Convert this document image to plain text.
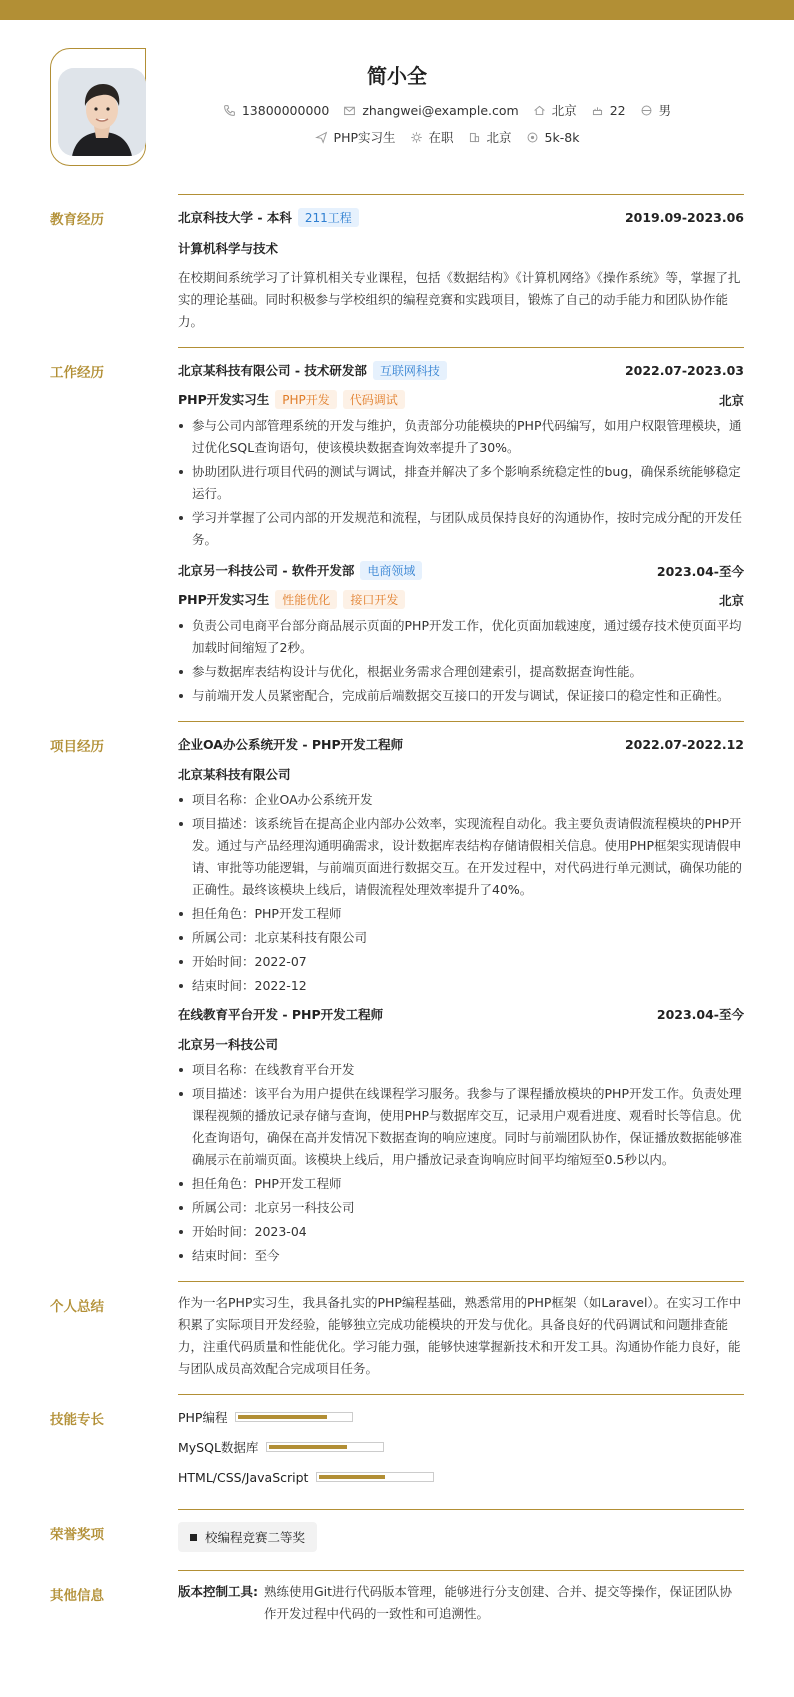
简小全
13800000000	zhangwei@example.com	北京	22	男
PHP实习生	在职	北京	5k-8k
教育经历	北京科技大学 - 本科 211工程	2019.09-2023.06
计算机科学与技术
在校期间系统学习了计算机相关专业课程，包括《数据结构》《计算机网络》《操作系统》等，掌握了扎实的理论基础。同时积极参与学校组织的编程竞赛和实践项目，锻炼了自己的动手能力和团队协作能力。
工作经历	北京某科技有限公司 - 技术研发部 互联网科技	2022.07-2023.03
PHP开发实习生 PHP开发 代码调试	北京
参与公司内部管理系统的开发与维护，负责部分功能模块的PHP代码编写，如用户权限管理模块，通过优化SQL查询语句，使该模块数据查询效率提升了30%。
协助团队进行项目代码的测试与调试，排查并解决了多个影响系统稳定性的bug，确保系统能够稳定运行。
学习并掌握了公司内部的开发规范和流程，与团队成员保持良好的沟通协作，按时完成分配的开发任务。
北京另一科技公司 - 软件开发部 电商领域	2023.04-至今
PHP开发实习生 性能优化 接口开发	北京
负责公司电商平台部分商品展示页面的PHP开发工作，优化页面加载速度，通过缓存技术使页面平均加载时间缩短了2秒。
参与数据库表结构设计与优化，根据业务需求合理创建索引，提高数据查询性能。
与前端开发人员紧密配合，完成前后端数据交互接口的开发与调试，保证接口的稳定性和正确性。
项目经历	企业OA办公系统开发 - PHP开发工程师	2022.07-2022.12
北京某科技有限公司
项目名称：企业OA办公系统开发
项目描述：该系统旨在提高企业内部办公效率，实现流程自动化。我主要负责请假流程模块的PHP开发。通过与产品经理沟通明确需求，设计数据库表结构存储请假相关信息。使用PHP框架实现请假申请、审批等功能逻辑，与前端页面进行数据交互。在开发过程中，对代码进行单元测试，确保功能的正确性。最终该模块上线后，请假流程处理效率提升了40%。
担任角色：PHP开发工程师
所属公司：北京某科技有限公司
开始时间：2022-07
结束时间：2022-12
在线教育平台开发 - PHP开发工程师	2023.04-至今
北京另一科技公司
项目名称：在线教育平台开发
项目描述：该平台为用户提供在线课程学习服务。我参与了课程播放模块的PHP开发工作。负责处理课程视频的播放记录存储与查询，使用PHP与数据库交互，记录用户观看进度、观看时长等信息。优化查询语句，确保在高并发情况下数据查询的响应速度。同时与前端团队协作，保证播放数据能够准确展示在前端页面。该模块上线后，用户播放记录查询响应时间平均缩短至0.5秒以内。
担任角色：PHP开发工程师
所属公司：北京另一科技公司
开始时间：2023-04
结束时间：至今
个人总结	作为一名PHP实习生，我具备扎实的PHP编程基础，熟悉常用的PHP框架（如Laravel）。在实习工作中积累了实际项目开发经验，能够独立完成功能模块的开发与优化。具备良好的代码调试和问题排查能力，注重代码质量和性能优化。学习能力强，能够快速掌握新技术和开发工具。沟通协作能力良好，能与团队成员高效配合完成项目任务。
技能专长	PHP编程
MySQL数据库
HTML/CSS/JavaScript
荣誉奖项	校编程竞赛二等奖
其他信息	版本控制工具: 熟练使用Git进行代码版本管理，能够进行分支创建、合并、提交等操作，保证团队协作开发过程中代码的一致性和可追溯性。
